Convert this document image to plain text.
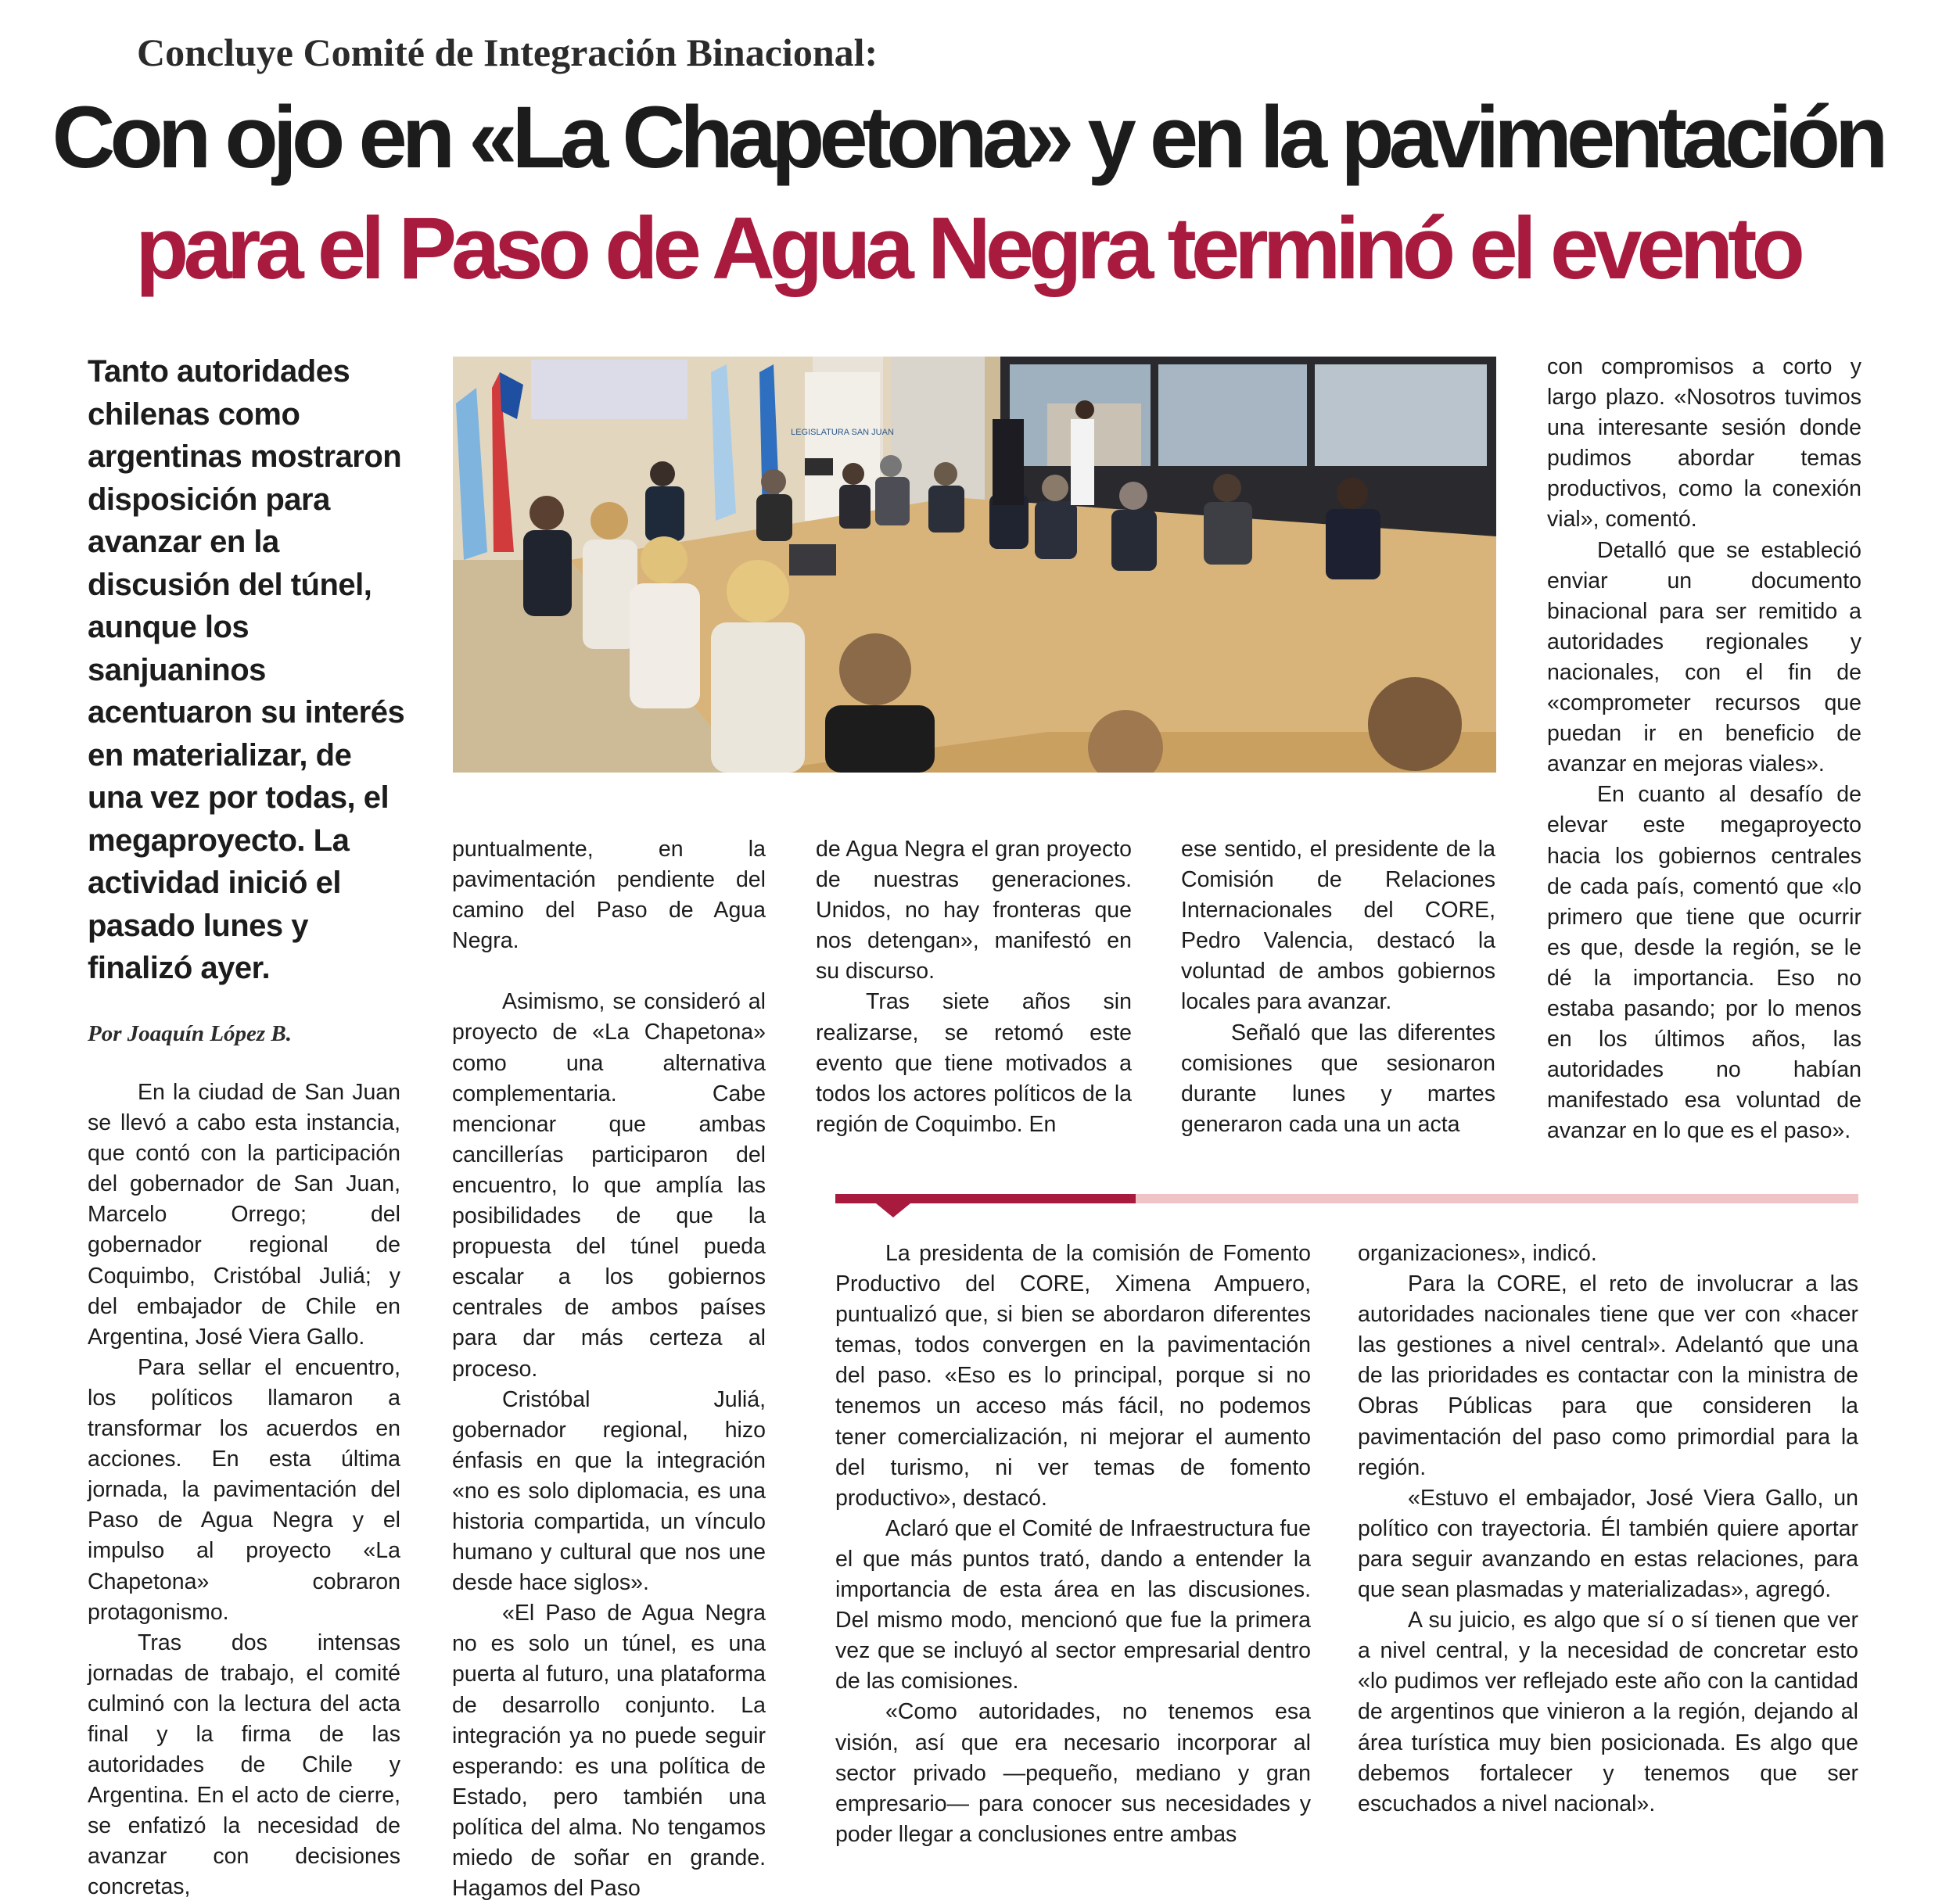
Concluye Comité de Integración Binacional:
Con ojo en «La Chapetona» y en la pavimentación
para el Paso de Agua Negra terminó el evento
Tanto autoridades chilenas como argentinas mostraron disposición para avanzar en la discusión del túnel, aunque los sanjuaninos acentuaron su interés en materializar, de una vez por todas, el megaproyecto. La actividad inició el pasado lunes y finalizó ayer.
Por Joaquín López B.
LEGISLATURA SAN JUAN

En la ciudad de San Juan se llevó a cabo esta instancia, que contó con la participación del gobernador de San Juan, Marcelo Orrego; del gobernador regional de Coquimbo, Cristóbal Juliá; y del embajador de Chile en Argentina, José Viera Gallo.

Para sellar el encuentro, los políticos llamaron a transformar los acuerdos en acciones. En esta última jornada, la pavimentación del Paso de Agua Negra y el impulso al proyecto «La Chapetona» cobraron protagonismo.

Tras dos intensas jornadas de trabajo, el comité culminó con la lectura del acta final y la firma de las autoridades de Chile y Argentina. En el acto de cierre, se enfatizó la necesidad de avanzar con decisiones concretas,

puntualmente, en la pavimentación pendiente del camino del Paso de Agua Negra.

Asimismo, se consideró al proyecto de «La Chapetona» como una alternativa complementaria. Cabe mencionar que ambas cancillerías participaron del encuentro, lo que amplía las posibilidades de que la propuesta del túnel pueda escalar a los gobiernos centrales de ambos países para dar más certeza al proceso.

Cristóbal Juliá, gobernador regional, hizo énfasis en que la integración «no es solo diplomacia, es una historia compartida, un vínculo humano y cultural que nos une desde hace siglos».

«El Paso de Agua Negra no es solo un túnel, es una puerta al futuro, una plataforma de desarrollo conjunto. La integración ya no puede seguir esperando: es una política de Estado, pero también una política del alma. No tengamos miedo de soñar en grande. Hagamos del Paso

de Agua Negra el gran proyecto de nuestras generaciones. Unidos, no hay fronteras que nos detengan», manifestó en su discurso.

Tras siete años sin realizarse, se retomó este evento que tiene motivados a todos los actores políticos de la región de Coquimbo. En

ese sentido, el presidente de la Comisión de Relaciones Internacionales del CORE, Pedro Valencia, destacó la voluntad de ambos gobiernos locales para avanzar.

Señaló que las diferentes comisiones que sesionaron durante lunes y martes generaron cada una un acta

con compromisos a corto y largo plazo. «Nosotros tuvimos una interesante sesión donde pudimos abordar temas productivos, como la conexión vial», comentó.

Detalló que se estableció enviar un documento binacional para ser remitido a autoridades regionales y nacionales, con el fin de «comprometer recursos que puedan ir en beneficio de avanzar en mejoras viales».

En cuanto al desafío de elevar este megaproyecto hacia los gobiernos centrales de cada país, comentó que «lo primero que tiene que ocurrir es que, desde la región, se le dé la importancia. Eso no estaba pasando; por lo menos en los últimos años, las autoridades no habían manifestado esa voluntad de avanzar en lo que es el paso».

La presidenta de la comisión de Fomento Productivo del CORE, Ximena Ampuero, puntualizó que, si bien se abordaron diferentes temas, todos convergen en la pavimentación del paso. «Eso es lo principal, porque si no tenemos un acceso más fácil, no podemos tener comercialización, ni mejorar el aumento del turismo, ni ver temas de fomento productivo», destacó.

Aclaró que el Comité de Infraestructura fue el que más puntos trató, dando a entender la importancia de esta área en las discusiones. Del mismo modo, mencionó que fue la primera vez que se incluyó al sector empresarial dentro de las comisiones.

«Como autoridades, no tenemos esa visión, así que era necesario incorporar al sector privado —pequeño, mediano y gran empresario— para conocer sus necesidades y poder llegar a conclusiones entre ambas

organizaciones», indicó.

Para la CORE, el reto de involucrar a las autoridades nacionales tiene que ver con «hacer las gestiones a nivel central». Adelantó que una de las prioridades es contactar con la ministra de Obras Públicas para que consideren la pavimentación del paso como primordial para la región.

«Estuvo el embajador, José Viera Gallo, un político con trayectoria. Él también quiere aportar para seguir avanzando en estas relaciones, para que sean plasmadas y materializadas», agregó.

A su juicio, es algo que sí o sí tienen que ver a nivel central, y la necesidad de concretar esto «lo pudimos ver reflejado este año con la cantidad de argentinos que vinieron a la región, dejando al área turística muy bien posicionada. Es algo que debemos fortalecer y tenemos que ser escuchados a nivel nacional».
